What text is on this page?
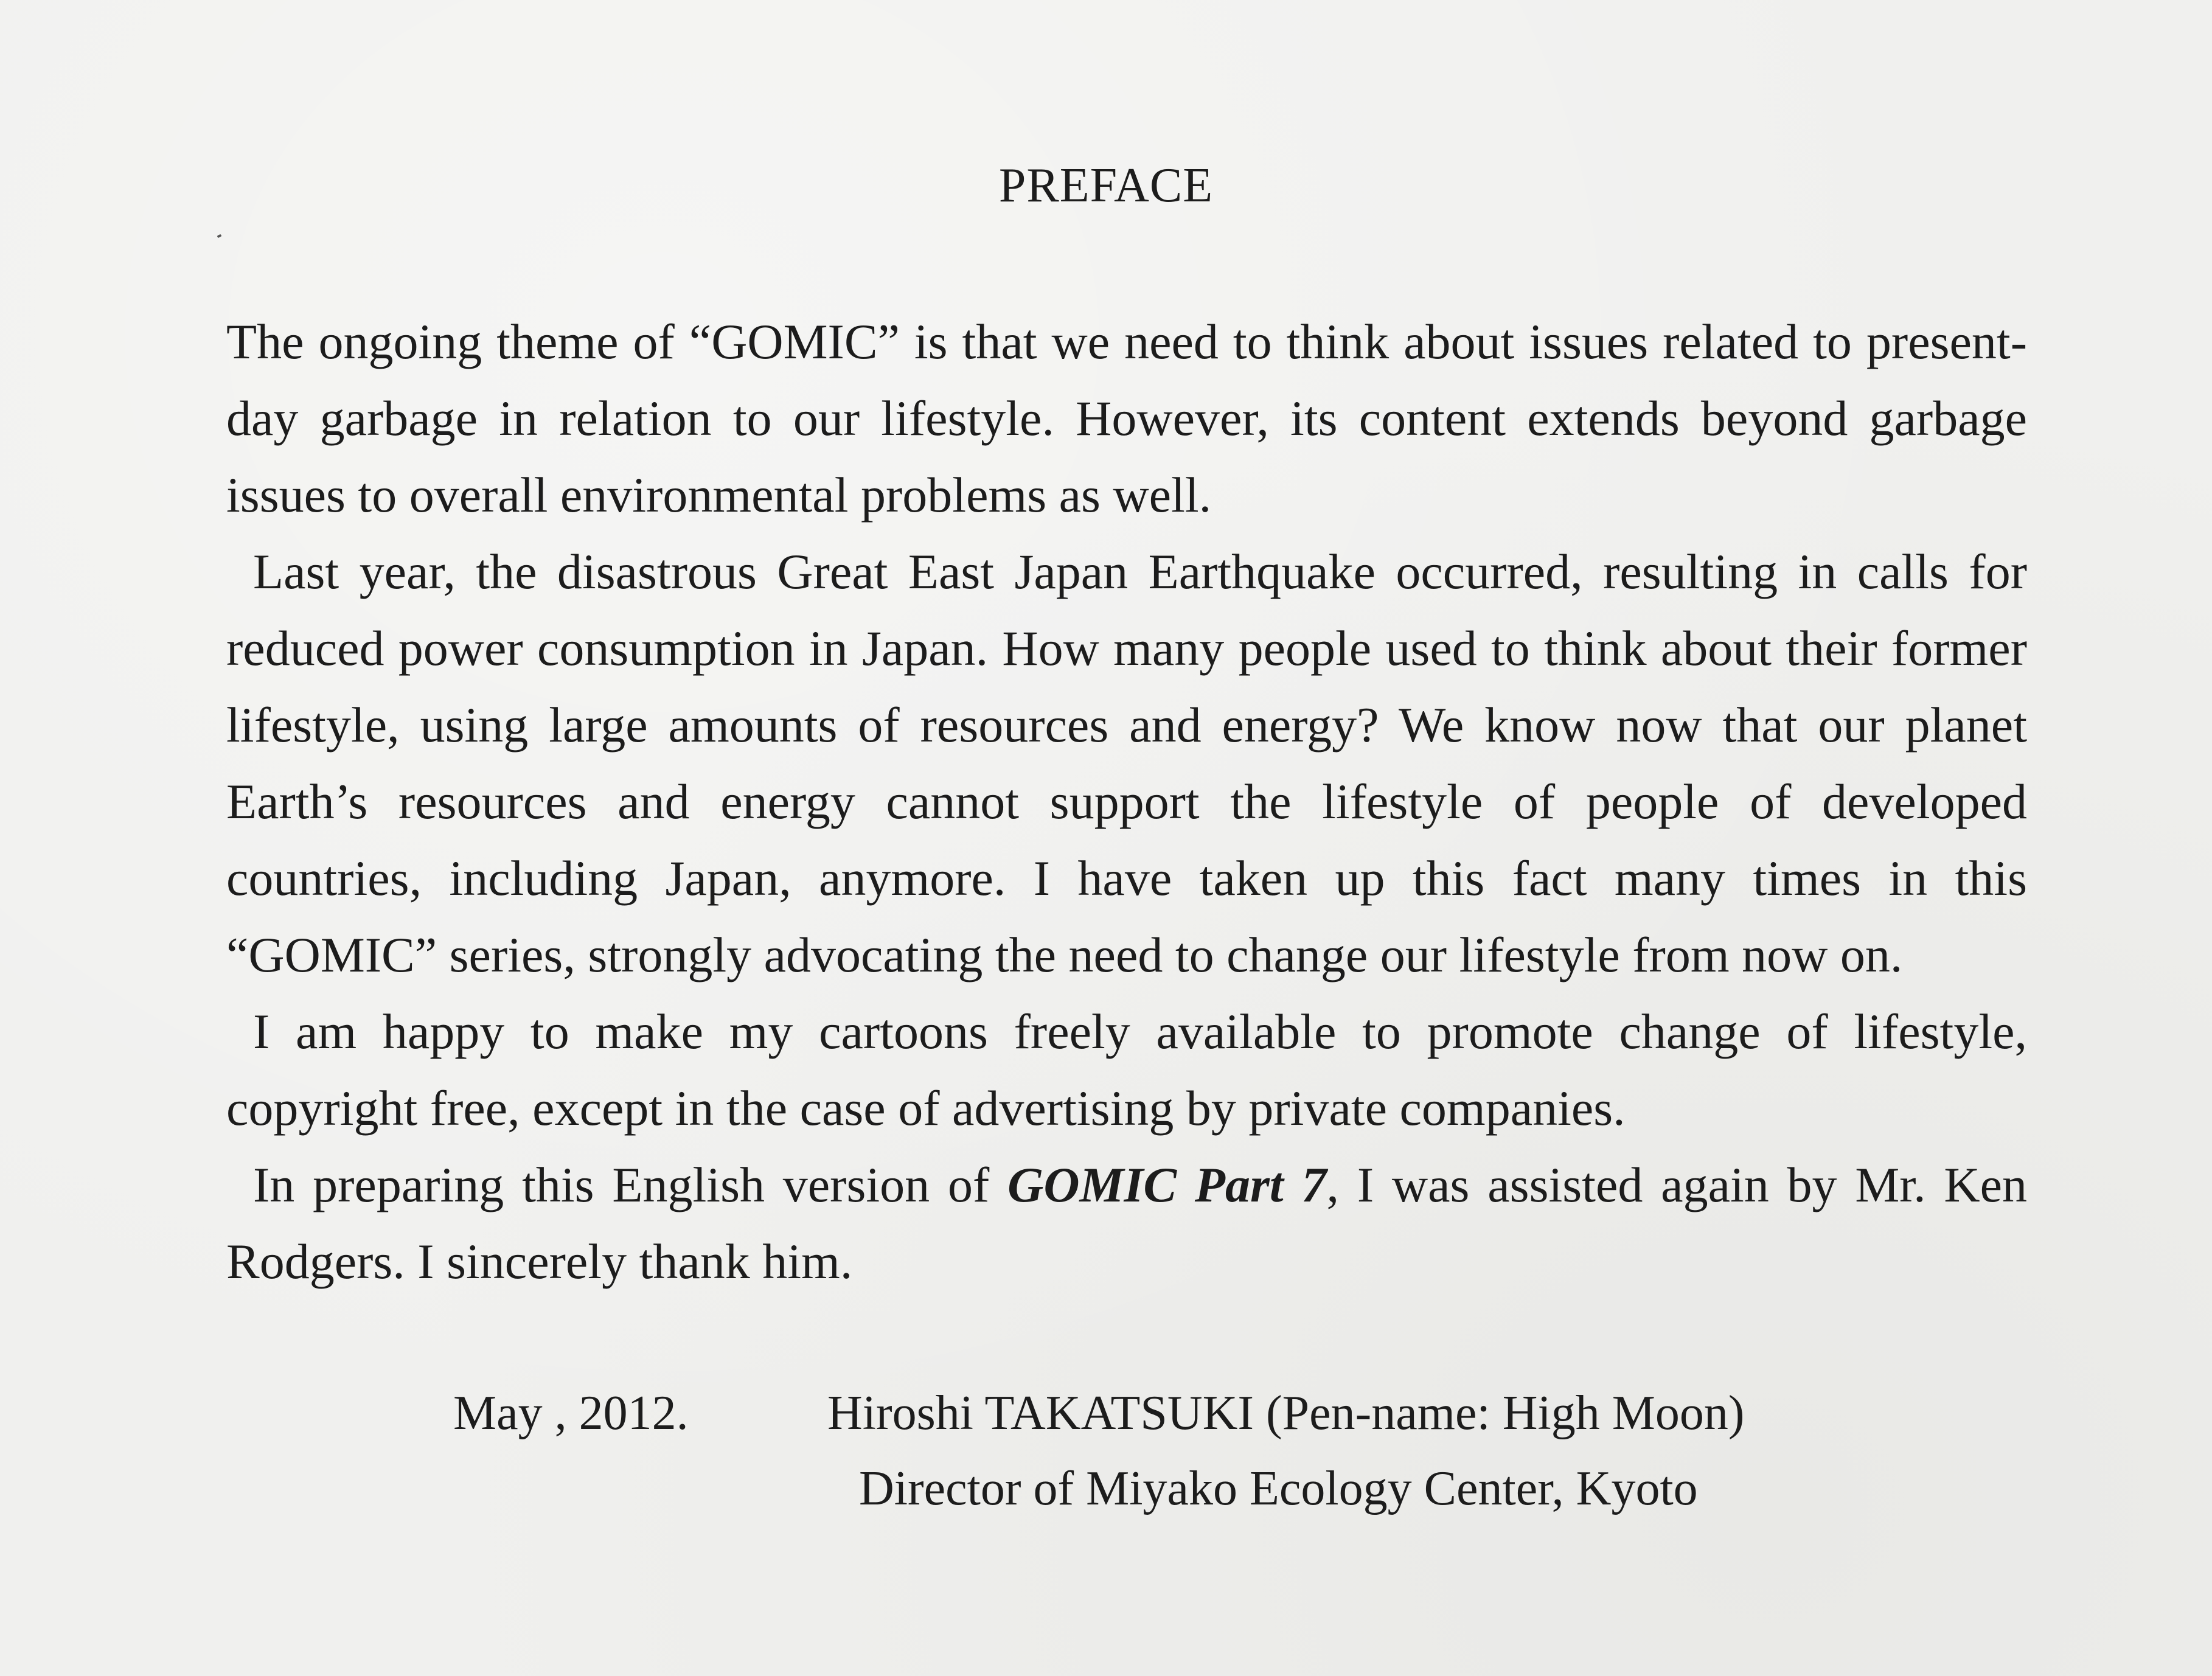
PREFACE

The ongoing theme of “GOMIC” is that we need to think about issues related to present-day garbage in relation to our lifestyle. However, its content extends beyond garbage issues to overall environmental problems as well.

Last year, the disastrous Great East Japan Earthquake occurred, resulting in calls for reduced power consumption in Japan. How many people used to think about their former lifestyle, using large amounts of resources and energy? We know now that our planet Earth’s resources and energy cannot support the lifestyle of people of developed countries, including Japan, anymore. I have taken up this fact many times in this “GOMIC” series, strongly advocating the need to change our lifestyle from now on.

I am happy to make my cartoons freely available to promote change of lifestyle, copyright free, except in the case of advertising by private companies.

In preparing this English version of GOMIC Part 7, I was assisted again by Mr. Ken Rodgers. I sincerely thank him.

May , 2012.	Hiroshi TAKATSUKI (Pen-name: High Moon)
Director of Miyako Ecology Center, Kyoto
